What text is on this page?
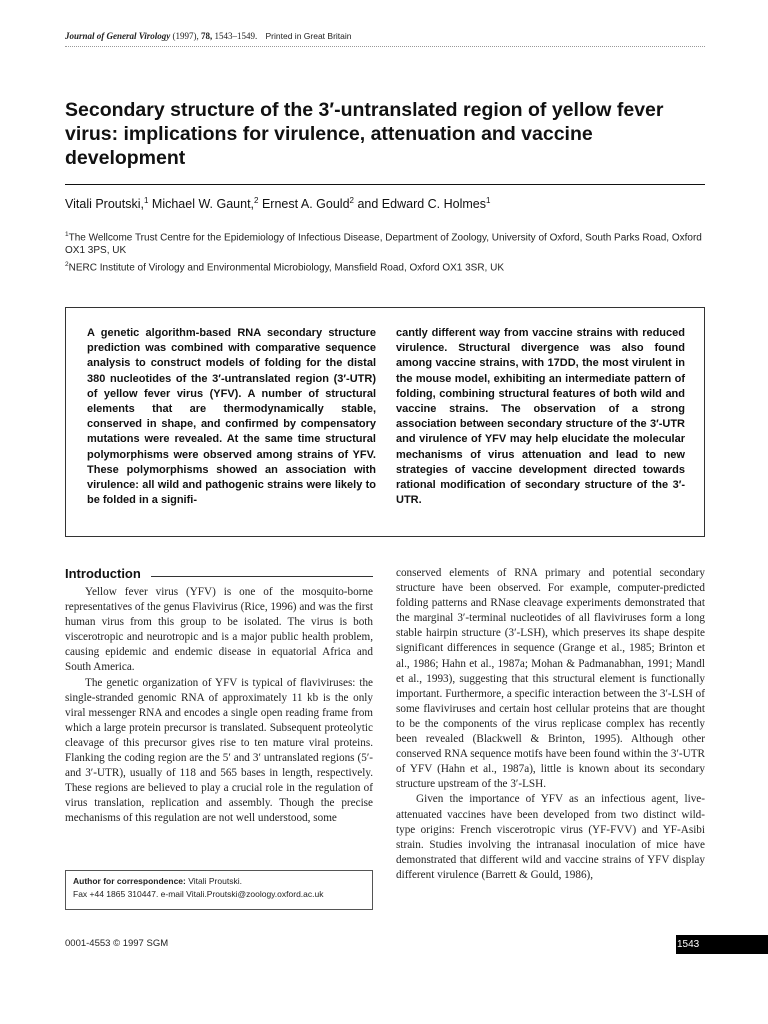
Journal of General Virology (1997), 78, 1543–1549. Printed in Great Britain
Secondary structure of the 3′-untranslated region of yellow fever virus: implications for virulence, attenuation and vaccine development
Vitali Proutski,$^1$ Michael W. Gaunt,$^2$ Ernest A. Gould$^2$ and Edward C. Holmes$^1$
$^1$The Wellcome Trust Centre for the Epidemiology of Infectious Disease, Department of Zoology, University of Oxford, South Parks Road, Oxford OX1 3PS, UK
$^2$NERC Institute of Virology and Environmental Microbiology, Mansfield Road, Oxford OX1 3SR, UK
A genetic algorithm-based RNA secondary structure prediction was combined with comparative sequence analysis to construct models of folding for the distal 380 nucleotides of the 3′-untranslated region (3′-UTR) of yellow fever virus (YFV). A number of structural elements that are thermodynamically stable, conserved in shape, and confirmed by compensatory mutations were revealed. At the same time structural polymorphisms were observed among strains of YFV. These polymorphisms showed an association with virulence: all wild and pathogenic strains were likely to be folded in a signifi-
cantly different way from vaccine strains with reduced virulence. Structural divergence was also found among vaccine strains, with 17DD, the most virulent in the mouse model, exhibiting an intermediate pattern of folding, combining structural features of both wild and vaccine strains. The observation of a strong association between secondary structure of the 3′-UTR and virulence of YFV may help elucidate the molecular mechanisms of virus attenuation and lead to new strategies of vaccine development directed towards rational modification of secondary structure of the 3′-UTR.
Introduction

Yellow fever virus (YFV) is one of the mosquito-borne representatives of the genus Flavivirus (Rice, 1996) and was the first human virus from this group to be isolated. The virus is both viscerotropic and neurotropic and is a major public health problem, causing epidemic and endemic disease in equatorial Africa and South America.

The genetic organization of YFV is typical of flaviviruses: the single-stranded genomic RNA of approximately 11 kb is the only viral messenger RNA and encodes a single open reading frame from which a large protein precursor is translated. Subsequent proteolytic cleavage of this precursor gives rise to ten mature viral proteins. Flanking the coding region are the 5′ and 3′ untranslated regions (5′- and 3′-UTR), usually of 118 and 565 bases in length, respectively. These regions are believed to play a crucial role in the regulation of virus translation, replication and assembly. Though the precise mechanisms of this regulation are not well understood, some

conserved elements of RNA primary and potential secondary structure have been observed. For example, computer-predicted folding patterns and RNase cleavage experiments demonstrated that the marginal 3′-terminal nucleotides of all flaviviruses form a long stable hairpin structure (3′-LSH), which preserves its shape despite significant differences in sequence (Grange et al., 1985; Brinton et al., 1986; Hahn et al., 1987a; Mohan & Padmanabhan, 1991; Mandl et al., 1993), suggesting that this structural element is functionally important. Furthermore, a specific interaction between the 3′-LSH of some flaviviruses and certain host cellular proteins that are thought to be the components of the virus replicase complex has recently been revealed (Blackwell & Brinton, 1995). Although other conserved RNA sequence motifs have been found within the 3′-UTR of YFV (Hahn et al., 1987a), little is known about its secondary structure upstream of the 3′-LSH.

Given the importance of YFV as an infectious agent, live-attenuated vaccines have been developed from two distinct wild-type origins: French viscerotropic virus (YF-FVV) and YF-Asibi strain. Studies involving the intranasal inoculation of mice have demonstrated that different wild and vaccine strains of YFV display different virulence (Barrett & Gould, 1986),

Author for correspondence: Vitali Proutski.
Fax +44 1865 310447. e-mail Vitali.Proutski@zoology.oxford.ac.uk
0001-4553 © 1997 SGM	1543
